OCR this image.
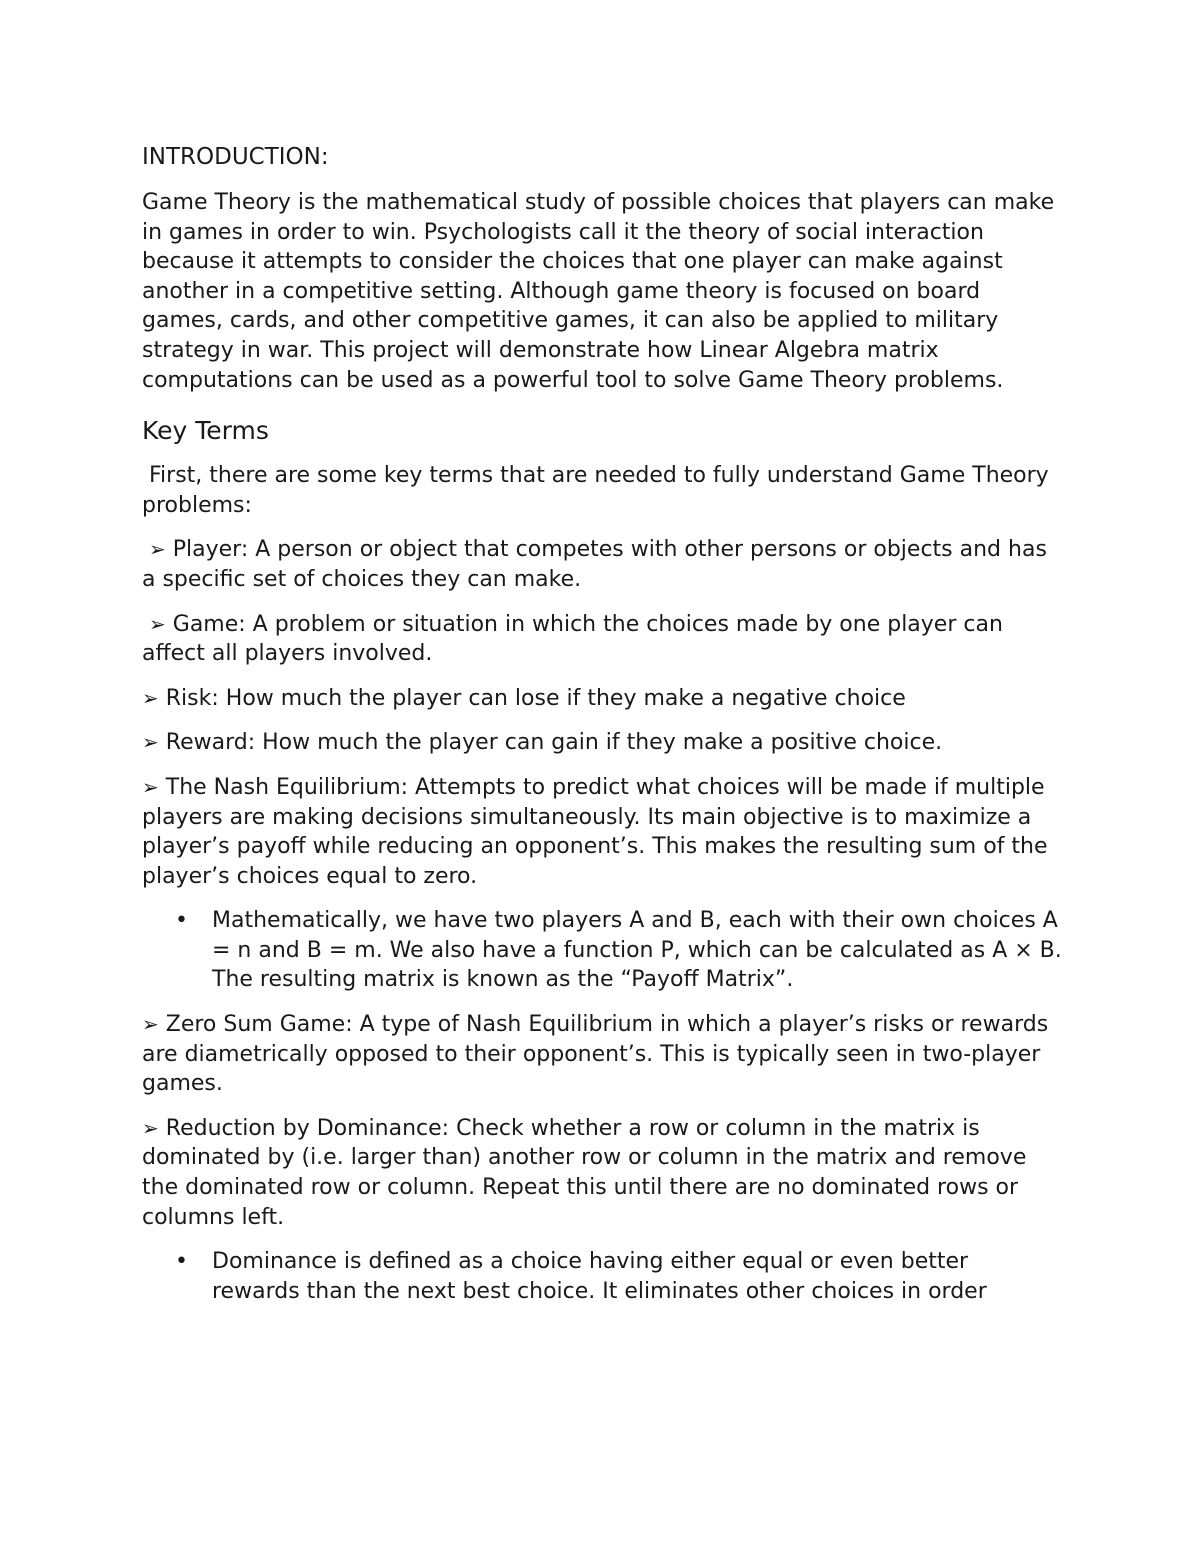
INTRODUCTION:

Game Theory is the mathematical study of possible choices that players can make in games in order to win. Psychologists call it the theory of social interaction because it attempts to consider the choices that one player can make against another in a competitive setting. Although game theory is focused on board games, cards, and other competitive games, it can also be applied to military strategy in war. This project will demonstrate how Linear Algebra matrix computations can be used as a powerful tool to solve Game Theory problems.

Key Terms

First, there are some key terms that are needed to fully understand Game Theory problems:

➢ Player: A person or object that competes with other persons or objects and has a specific set of choices they can make.

➢ Game: A problem or situation in which the choices made by one player can affect all players involved.

➢ Risk: How much the player can lose if they make a negative choice

➢ Reward: How much the player can gain if they make a positive choice.

➢ The Nash Equilibrium: Attempts to predict what choices will be made if multiple players are making decisions simultaneously. Its main objective is to maximize a player’s payoff while reducing an opponent’s. This makes the resulting sum of the player’s choices equal to zero.

• Mathematically, we have two players A and B, each with their own choices A = n and B = m. We also have a function P, which can be calculated as A × B. The resulting matrix is known as the “Payoff Matrix”.

➢ Zero Sum Game: A type of Nash Equilibrium in which a player’s risks or rewards are diametrically opposed to their opponent’s. This is typically seen in two-player games.

➢ Reduction by Dominance: Check whether a row or column in the matrix is dominated by (i.e. larger than) another row or column in the matrix and remove the dominated row or column. Repeat this until there are no dominated rows or columns left.

• Dominance is defined as a choice having either equal or even better rewards than the next best choice. It eliminates other choices in order
